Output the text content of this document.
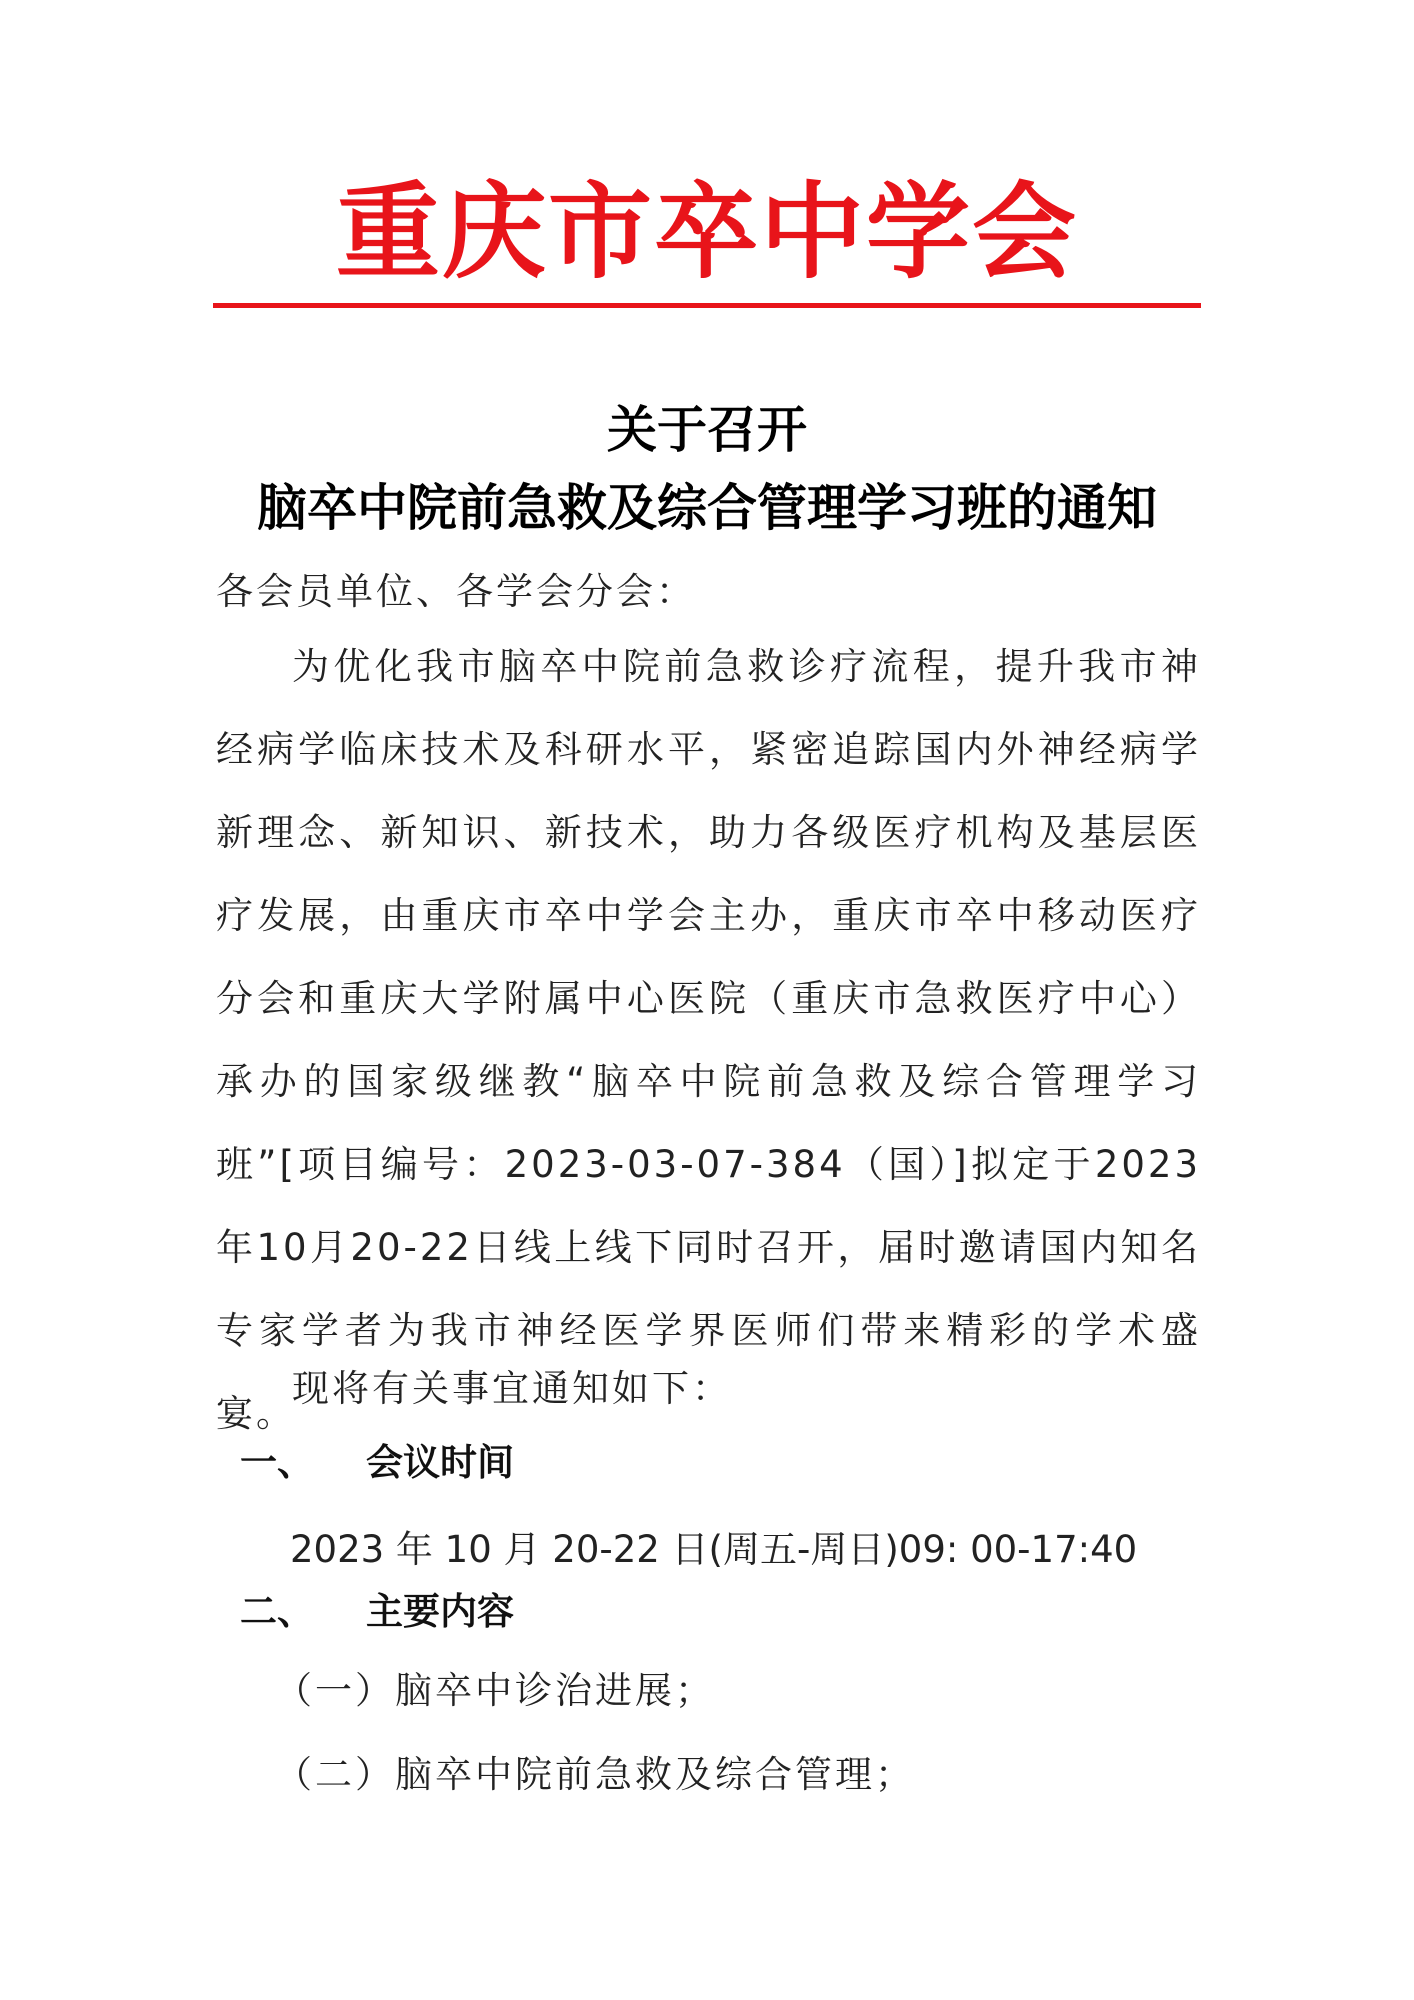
重庆市卒中学会
关于召开
脑卒中院前急救及综合管理学习班的通知

各会员单位、各学会分会：

为优化我市脑卒中院前急救诊疗流程，提升我市神经病学临床技术及科研水平，紧密追踪国内外神经病学新理念、新知识、新技术，助力各级医疗机构及基层医疗发展，由重庆市卒中学会主办，重庆市卒中移动医疗分会和重庆大学附属中心医院（重庆市急救医疗中心）承办的国家级继教“脑卒中院前急救及综合管理学习班”[项目编号：2023-03-07-384（国）]拟定于2023年10月20-22日线上线下同时召开，届时邀请国内知名专家学者为我市神经医学界医师们带来精彩的学术盛宴。

现将有关事宜通知如下：

一、 会议时间
2023 年 10 月 20-22 日(周五-周日)09: 00-17:40
二、 主要内容
（一）脑卒中诊治进展；
（二）脑卒中院前急救及综合管理；
